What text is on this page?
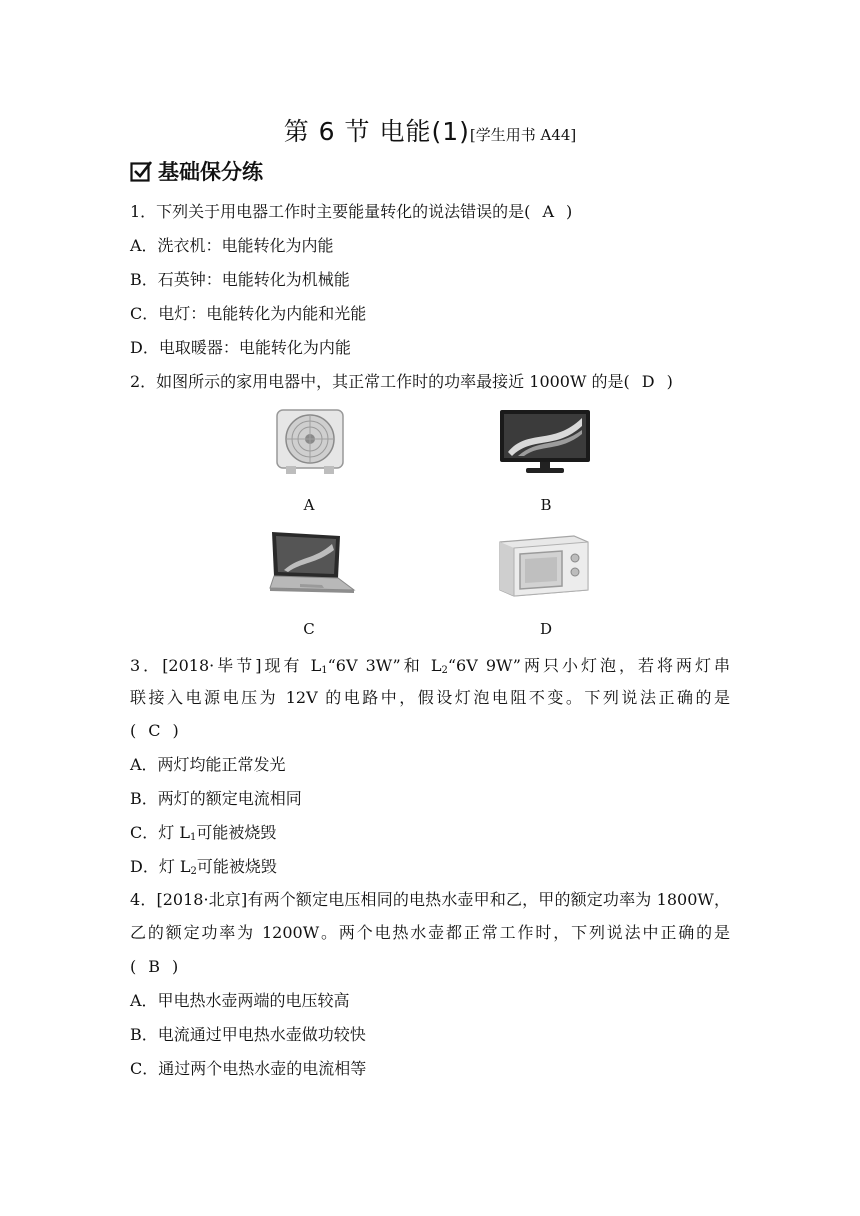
第 6 节 电能(1)[学生用书 A44]
基础保分练
1．下列关于用电器工作时主要能量转化的说法错误的是( A )
A．洗衣机：电能转化为内能
B．石英钟：电能转化为机械能
C．电灯：电能转化为内能和光能
D．电取暖器：电能转化为内能
2．如图所示的家用电器中，其正常工作时的功率最接近 1000W 的是( D )
A	B
C	D
3．[2018·毕节]现有 $L_1“6V$ 3W”和 $L_2“6V$ 9W”两只小灯泡，若将两灯串
联接入电源电压为 12V 的电路中，假设灯泡电阻不变。下列说法正确的是
( C )
A．两灯均能正常发光
B．两灯的额定电流相同
C．灯 $L_1$可能被烧毁
D．灯 $L_2$可能被烧毁
4．[2018·北京]有两个额定电压相同的电热水壶甲和乙，甲的额定功率为 1800W，
乙的额定功率为 1200W。两个电热水壶都正常工作时，下列说法中正确的是
( B )
A．甲电热水壶两端的电压较高
B．电流通过甲电热水壶做功较快
C．通过两个电热水壶的电流相等
